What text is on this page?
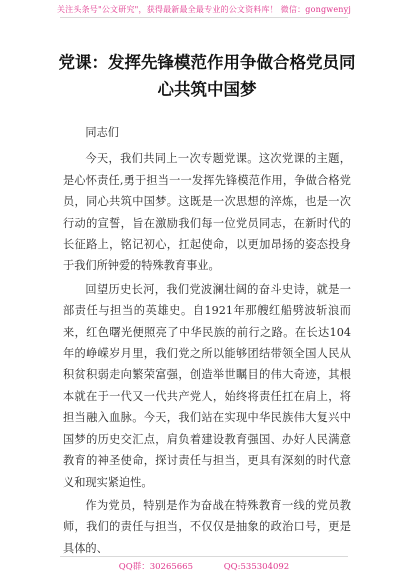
关注头条号"公文研究"，获得最新最全最专业的公文资料库！ 微信：gongwenyj
党课：发挥先锋模范作用争做合格党员同心共筑中国梦

同志们

今天，我们共同上一次专题党课。这次党课的主题，是心怀责任,勇于担当一一发挥先锋模范作用，争做合格党员，同心共筑中国梦。这既是一次思想的淬炼，也是一次行动的宣誓，旨在激励我们每一位党员同志，在新时代的长征路上，铭记初心，扛起使命，以更加昂扬的姿态投身于我们所钟爱的特殊教育事业。

回望历史长河，我们党波澜壮阔的奋斗史诗，就是一部责任与担当的英雄史。自1921年那艘红船劈波斩浪而来，红色曙光便照亮了中华民族的前行之路。在长达104年的峥嵘岁月里，我们党之所以能够团结带领全国人民从积贫积弱走向繁荣富强，创造举世瞩目的伟大奇迹，其根本就在于一代又一代共产党人，始终将责任扛在肩上，将担当融入血脉。今天，我们站在实现中华民族伟大复兴中国梦的历史交汇点，肩负着建设教育强国、办好人民满意教育的神圣使命，探讨责任与担当，更具有深刻的时代意义和现实紧迫性。

作为党员，特别是作为奋战在特殊教育一线的党员教师，我们的责任与担当，不仅仅是抽象的政治口号，更是具体的、

QQ群：30265665	QQ:535304092
